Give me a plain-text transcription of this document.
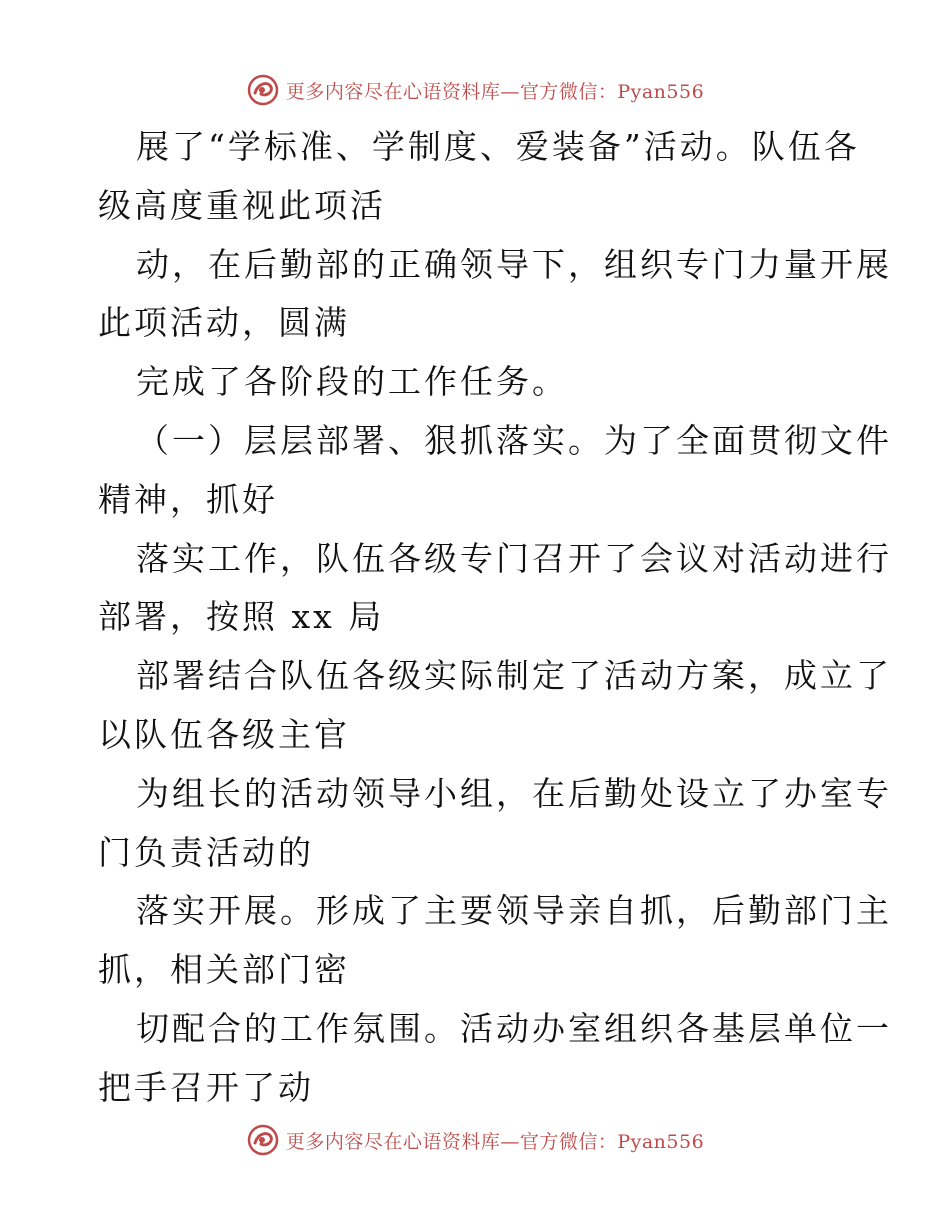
更多内容尽在心语资料库—官方微信：Pyan556
展了“学标准、学制度、爱装备”活动。队伍各
级高度重视此项活
动，在后勤部的正确领导下，组织专门力量开展
此项活动，圆满
完成了各阶段的工作任务。
（一）层层部署、狠抓落实。为了全面贯彻文件
精神，抓好
落实工作，队伍各级专门召开了会议对活动进行
部署，按照 xx 局
部署结合队伍各级实际制定了活动方案，成立了
以队伍各级主官
为组长的活动领导小组，在后勤处设立了办室专
门负责活动的
落实开展。形成了主要领导亲自抓，后勤部门主
抓，相关部门密
切配合的工作氛围。活动办室组织各基层单位一
把手召开了动
更多内容尽在心语资料库—官方微信：Pyan556
